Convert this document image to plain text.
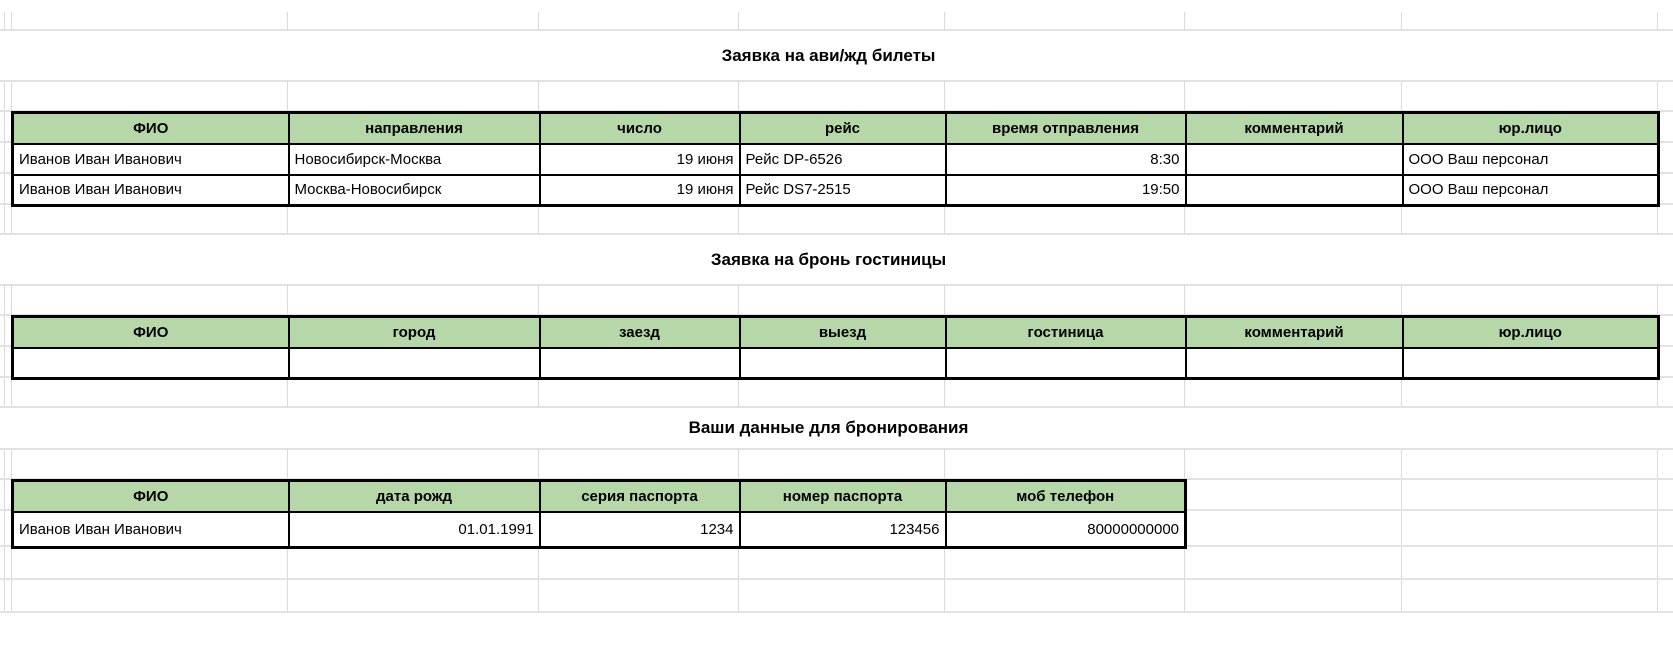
Заявка на ави/жд билеты
Заявка на бронь гостиницы
Ваши данные для бронирования
ФИО	направления	число	рейс	время отправления	комментарий	юр.лицо
Иванов Иван Иванович	Новосибирск-Москва	19 июня	Рейс DP-6526	8:30		ООО Ваш персонал
Иванов Иван Иванович	Москва-Новосибирск	19 июня	Рейс DS7-2515	19:50		ООО Ваш персонал
ФИО	город	заезд	выезд	гостиница	комментарий	юр.лицо

ФИО	дата рожд	серия паспорта	номер паспорта	моб телефон
Иванов Иван Иванович	01.01.1991	1234	123456	80000000000
